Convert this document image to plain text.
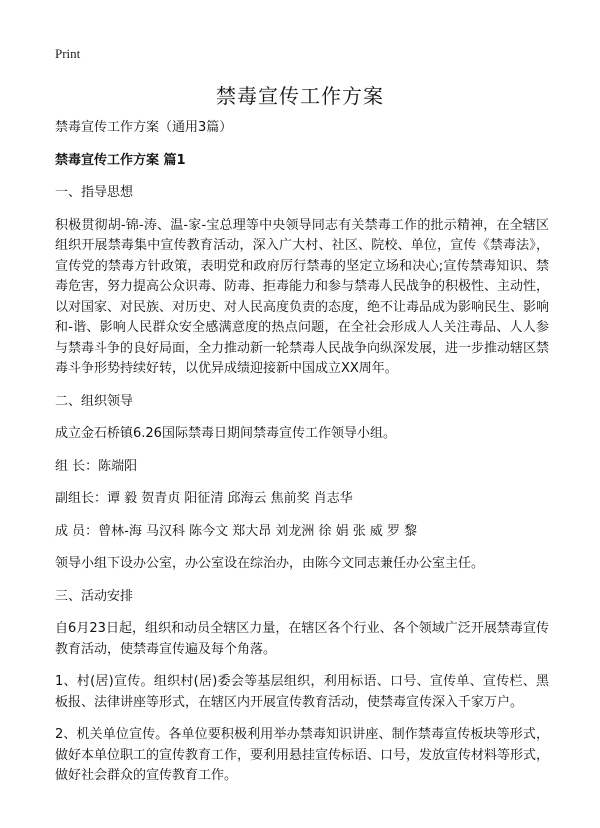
Print
禁毒宣传工作方案

禁毒宣传工作方案（通用3篇）

禁毒宣传工作方案 篇1

一、指导思想

积极贯彻胡-锦-涛、温-家-宝总理等中央领导同志有关禁毒工作的批示精神，在全辖区组织开展禁毒集中宣传教育活动，深入广大村、社区、院校、单位，宣传《禁毒法》，宣传党的禁毒方针政策，表明党和政府厉行禁毒的坚定立场和决心;宣传禁毒知识、禁毒危害，努力提高公众识毒、防毒、拒毒能力和参与禁毒人民战争的积极性、主动性，以对国家、对民族、对历史、对人民高度负责的态度，绝不让毒品成为影响民生、影响和-谐、影响人民群众安全感满意度的热点问题，在全社会形成人人关注毒品、人人参与禁毒斗争的良好局面，全力推动新一轮禁毒人民战争向纵深发展，进一步推动辖区禁毒斗争形势持续好转，以优异成绩迎接新中国成立XX周年。

二、组织领导

成立金石桥镇6.26国际禁毒日期间禁毒宣传工作领导小组。

组 长：陈端阳

副组长：谭 毅 贺青贞 阳征清 邱海云 焦前奖 肖志华

成 员：曾林-海 马汉科 陈今文 郑大昂 刘龙洲 徐 娟 张 威 罗 黎

领导小组下设办公室，办公室设在综治办，由陈今文同志兼任办公室主任。

三、活动安排

自6月23日起，组织和动员全辖区力量，在辖区各个行业、各个领域广泛开展禁毒宣传教育活动，使禁毒宣传遍及每个角落。

1、村(居)宣传。组织村(居)委会等基层组织，利用标语、口号、宣传单、宣传栏、黑板报、法律讲座等形式，在辖区内开展宣传教育活动，使禁毒宣传深入千家万户。

2、机关单位宣传。各单位要积极利用举办禁毒知识讲座、制作禁毒宣传板块等形式，做好本单位职工的宣传教育工作，要利用悬挂宣传标语、口号，发放宣传材料等形式，做好社会群众的宣传教育工作。
